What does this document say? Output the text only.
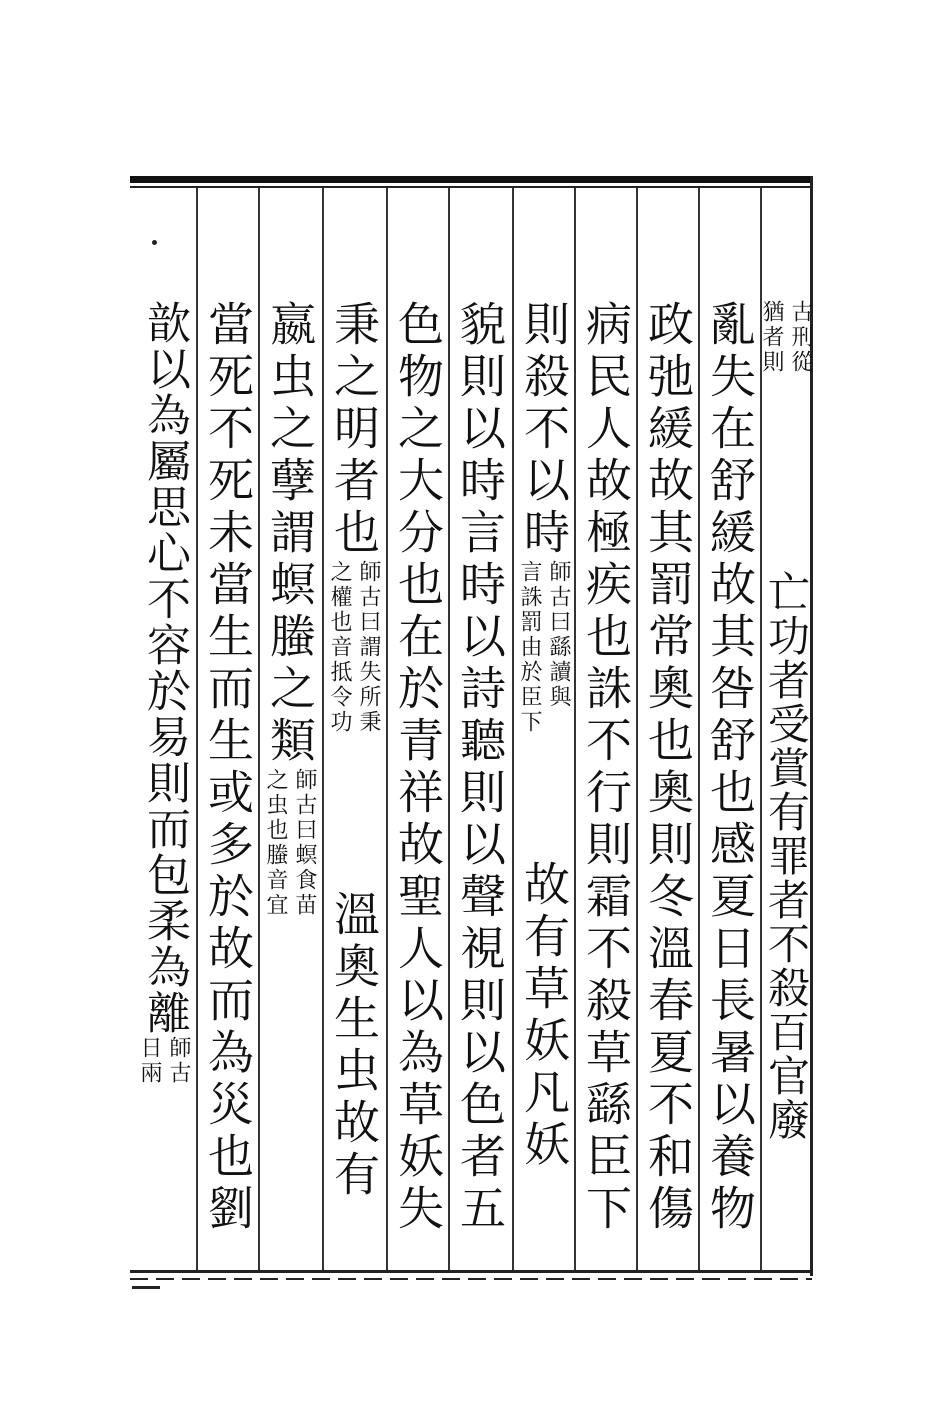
古刑從
猶者則
亡功者受賞有罪者不殺百官廢
亂失在舒緩故其咎舒也感夏日長暑以養物
政弛緩故其罰常奧也奧則冬溫春夏不和傷
病民人故極疾也誅不行則霜不殺草繇臣下
則殺不以時
師古曰繇讀與
言誅罰由於臣下
故有草妖凡妖
貌則以時言時以詩聽則以聲視則以色者五
色物之大分也在於青祥故聖人以為草妖失
秉之明者也
師古曰謂失所秉
之權也音抵令功
溫奧生虫故有
嬴虫之孽謂螟螣之類
師古曰螟食苗
之虫也螣音宜
當死不死未當生而生或多於故而為災也劉
歆以為屬思心不容於易則而包柔為離
師古
日兩
